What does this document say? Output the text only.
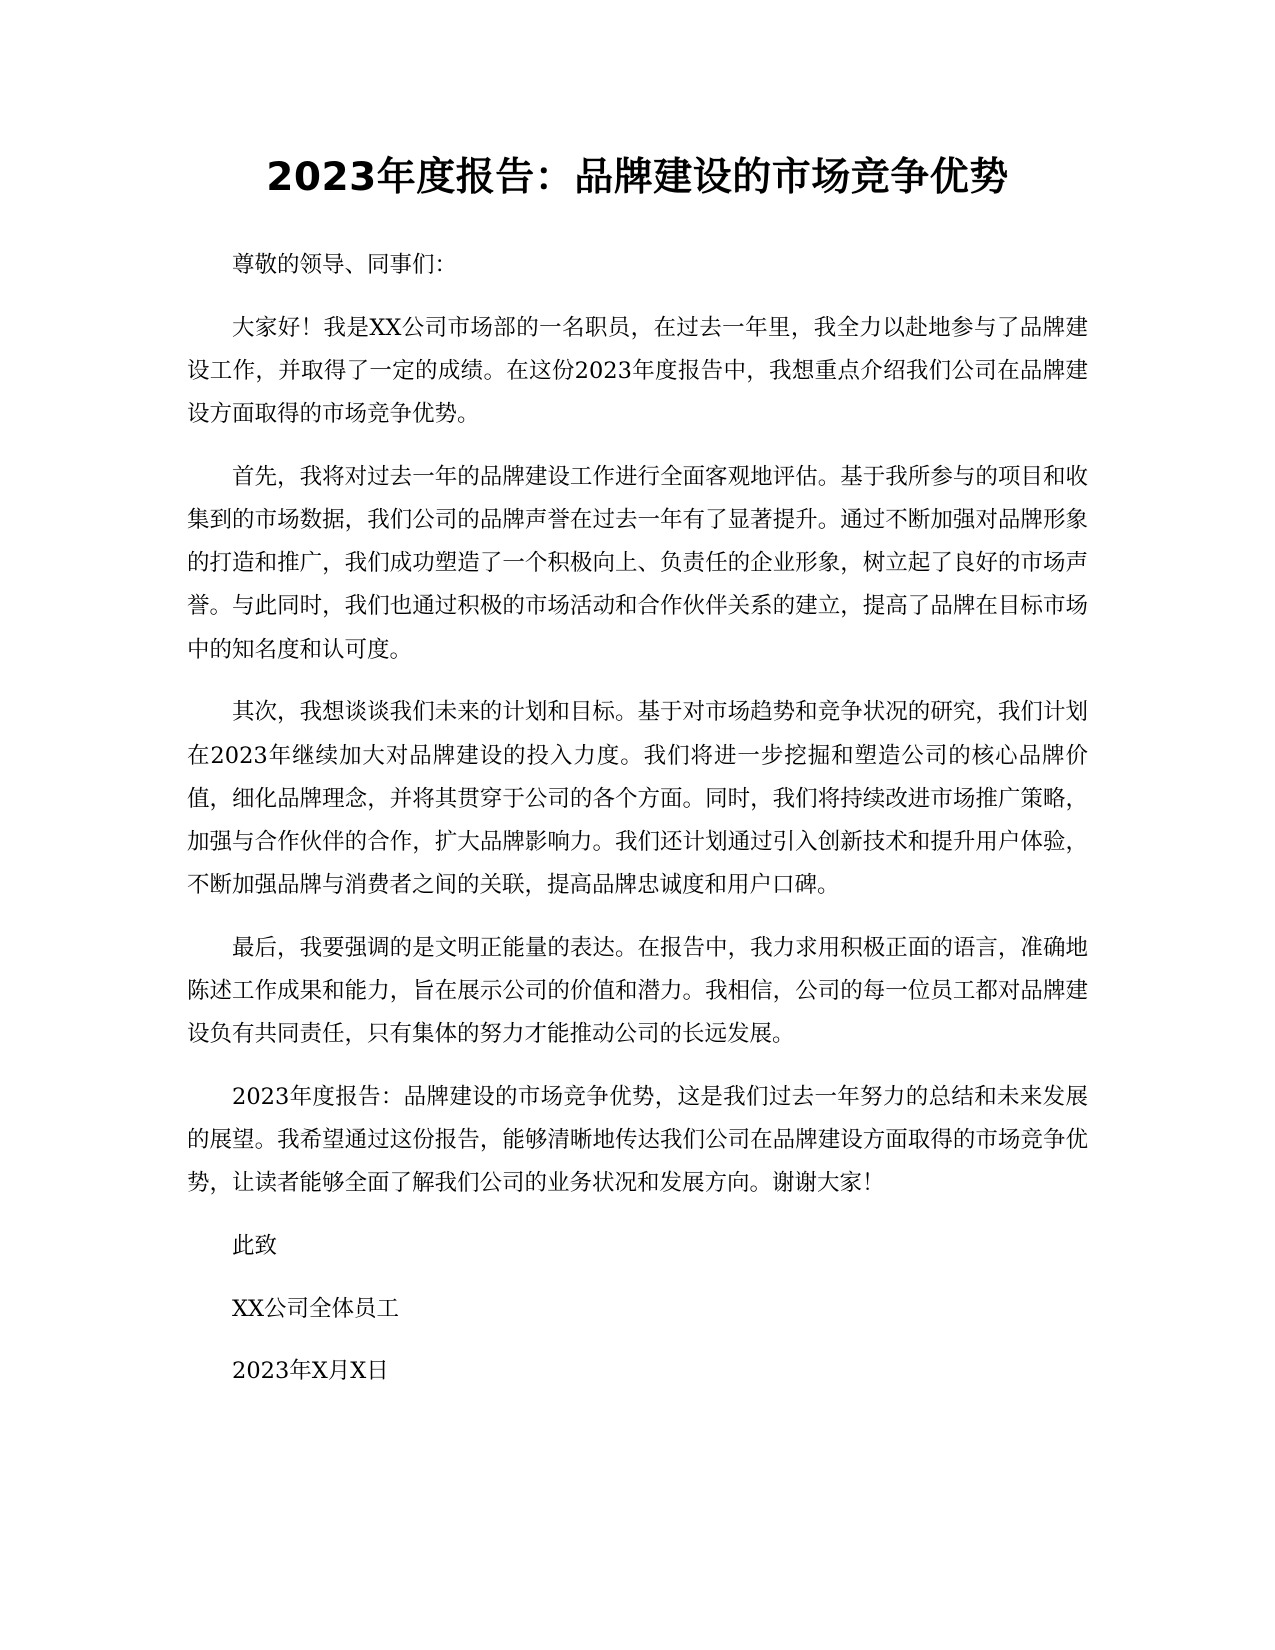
2023年度报告：品牌建设的市场竞争优势

尊敬的领导、同事们：

大家好！我是XX公司市场部的一名职员，在过去一年里，我全力以赴地参与了品牌建设工作，并取得了一定的成绩。在这份2023年度报告中，我想重点介绍我们公司在品牌建设方面取得的市场竞争优势。

首先，我将对过去一年的品牌建设工作进行全面客观地评估。基于我所参与的项目和收集到的市场数据，我们公司的品牌声誉在过去一年有了显著提升。通过不断加强对品牌形象的打造和推广，我们成功塑造了一个积极向上、负责任的企业形象，树立起了良好的市场声誉。与此同时，我们也通过积极的市场活动和合作伙伴关系的建立，提高了品牌在目标市场中的知名度和认可度。

其次，我想谈谈我们未来的计划和目标。基于对市场趋势和竞争状况的研究，我们计划在2023年继续加大对品牌建设的投入力度。我们将进一步挖掘和塑造公司的核心品牌价值，细化品牌理念，并将其贯穿于公司的各个方面。同时，我们将持续改进市场推广策略，加强与合作伙伴的合作，扩大品牌影响力。我们还计划通过引入创新技术和提升用户体验，不断加强品牌与消费者之间的关联，提高品牌忠诚度和用户口碑。

最后，我要强调的是文明正能量的表达。在报告中，我力求用积极正面的语言，准确地陈述工作成果和能力，旨在展示公司的价值和潜力。我相信，公司的每一位员工都对品牌建设负有共同责任，只有集体的努力才能推动公司的长远发展。

2023年度报告：品牌建设的市场竞争优势，这是我们过去一年努力的总结和未来发展的展望。我希望通过这份报告，能够清晰地传达我们公司在品牌建设方面取得的市场竞争优势，让读者能够全面了解我们公司的业务状况和发展方向。谢谢大家！

此致

XX公司全体员工

2023年X月X日
